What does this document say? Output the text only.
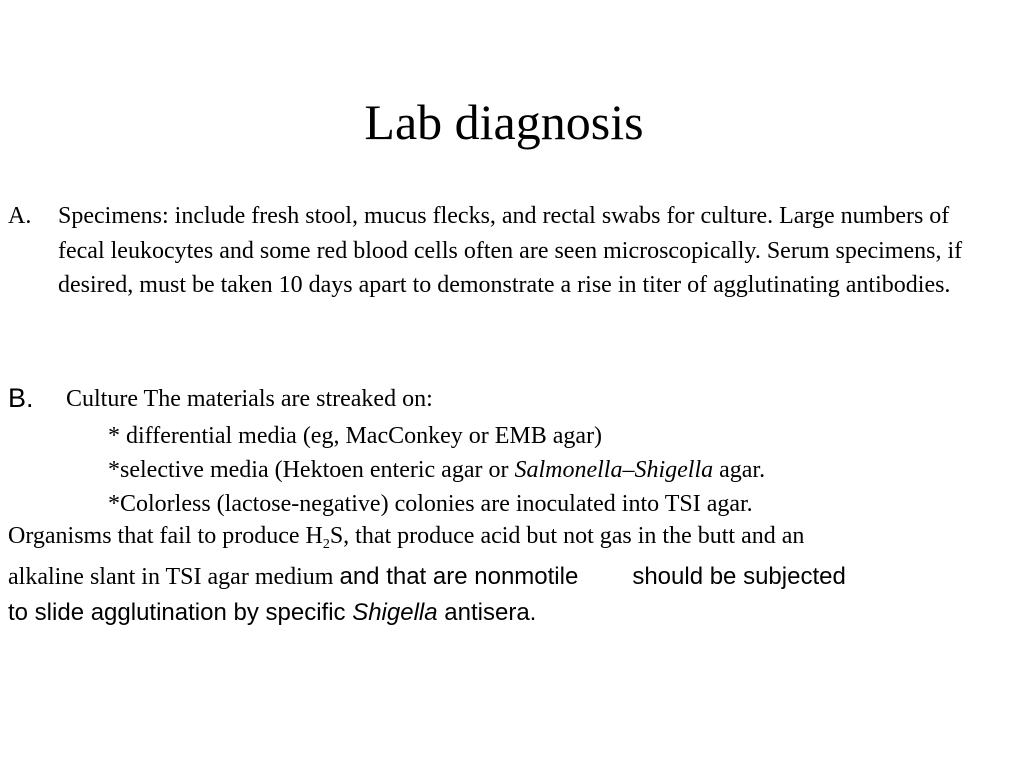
Lab diagnosis
A. Specimens: include fresh stool, mucus flecks, and rectal swabs for culture. Large numbers of fecal leukocytes and some red blood cells often are seen microscopically. Serum specimens, if desired, must be taken 10 days apart to demonstrate a rise in titer of agglutinating antibodies.
B. Culture The materials are streaked on:
* differential media (eg, MacConkey or EMB agar)
*selective media (Hektoen enteric agar or Salmonella–Shigella agar.
*Colorless (lactose-negative) colonies are inoculated into TSI agar.
Organisms that fail to produce $H_2S$, that produce acid but not gas in the butt and an
alkaline slant in TSI agar medium and that are nonmotile should be subjected
to slide agglutination by specific Shigella antisera.
